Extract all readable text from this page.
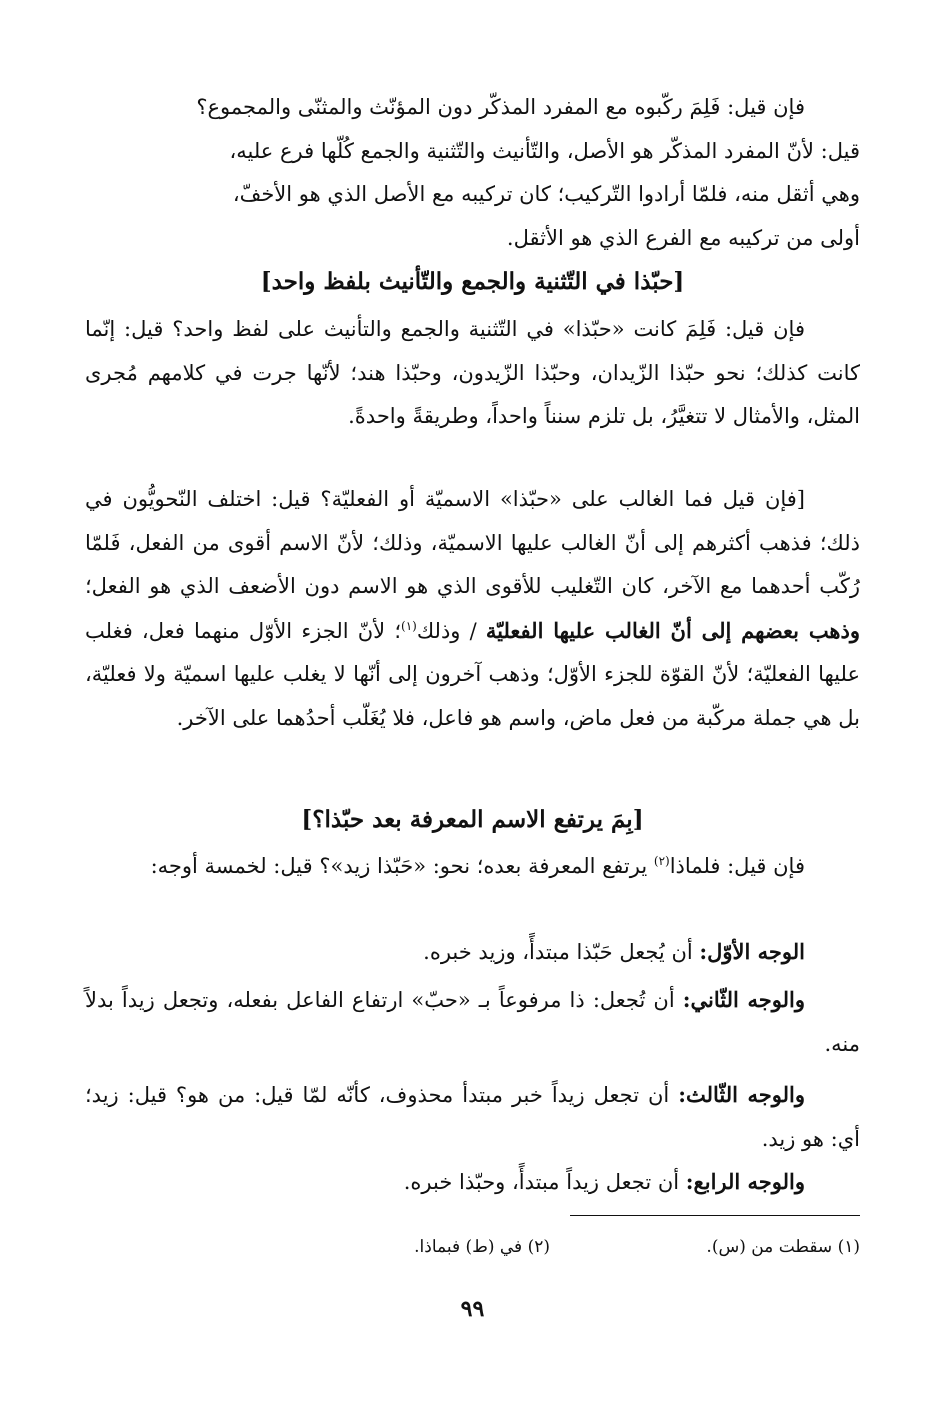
فإن قيل: فَلِمَ ركّبوه مع المفرد المذكّر دون المؤنّث والمثنّى والمجموع؟

قيل: لأنّ المفرد المذكّر هو الأصل، والتّأنيث والتّثنية والجمع كُلّها فرع عليه،

وهي أثقل منه، فلمّا أرادوا التّركيب؛ كان تركيبه مع الأصل الذي هو الأخفّ،

أولى من تركيبه مع الفرع الذي هو الأثقل.

[حبّذا في التّثنية والجمع والتّأنيث بلفظ واحد]

فإن قيل: فَلِمَ كانت «حبّذا» في التّثنية والجمع والتأنيث على لفظ واحد؟ قيل: إنّما كانت كذلك؛ نحو حبّذا الزّيدان، وحبّذا الزّيدون، وحبّذا هند؛ لأنّها جرت في كلامهم مُجرى المثل، والأمثال لا تتغيَّرُ، بل تلزم سنناً واحداً، وطريقةً واحدةً.

[فإن قيل فما الغالب على «حبّذا» الاسميّة أو الفعليّة؟ قيل: اختلف النّحويُّون في ذلك؛ فذهب أكثرهم إلى أنّ الغالب عليها الاسميّة، وذلك؛ لأنّ الاسم أقوى من الفعل، فَلمّا رُكّب أحدهما مع الآخر، كان التّغليب للأقوى الذي هو الاسم دون الأضعف الذي هو الفعل؛ وذهب بعضهم إلى أنّ الغالب عليها الفعليّة / وذلك$^{(١)}$؛ لأنّ الجزء الأوّل منهما فعل، فغلب عليها الفعليّة؛ لأنّ القوّة للجزء الأوّل؛ وذهب آخرون إلى أنّها لا يغلب عليها اسميّة ولا فعليّة، بل هي جملة مركّبة من فعل ماض، واسم هو فاعل، فلا يُغَلّب أحدُهما على الآخر.

[بِمَ يرتفع الاسم المعرفة بعد حبّذا؟]

فإن قيل: فلماذا$^{(٢)}$ يرتفع المعرفة بعده؛ نحو: «حَبّذا زيد»؟ قيل: لخمسة أوجه:

الوجه الأوّل: أن يُجعل حَبّذا مبتدأً، وزيد خبره.

والوجه الثّاني: أن تُجعل: ذا مرفوعاً بـ «حبّ» ارتفاع الفاعل بفعله، وتجعل زيداً بدلاً منه.

والوجه الثّالث: أن تجعل زيداً خبر مبتدأ محذوف، كأنّه لمّا قيل: من هو؟ قيل: زيد؛ أي: هو زيد.

والوجه الرابع: أن تجعل زيداً مبتدأً، وحبّذا خبره.

(١) سقطت من (س).
(٢) في (ط) فبماذا.
٩٩
